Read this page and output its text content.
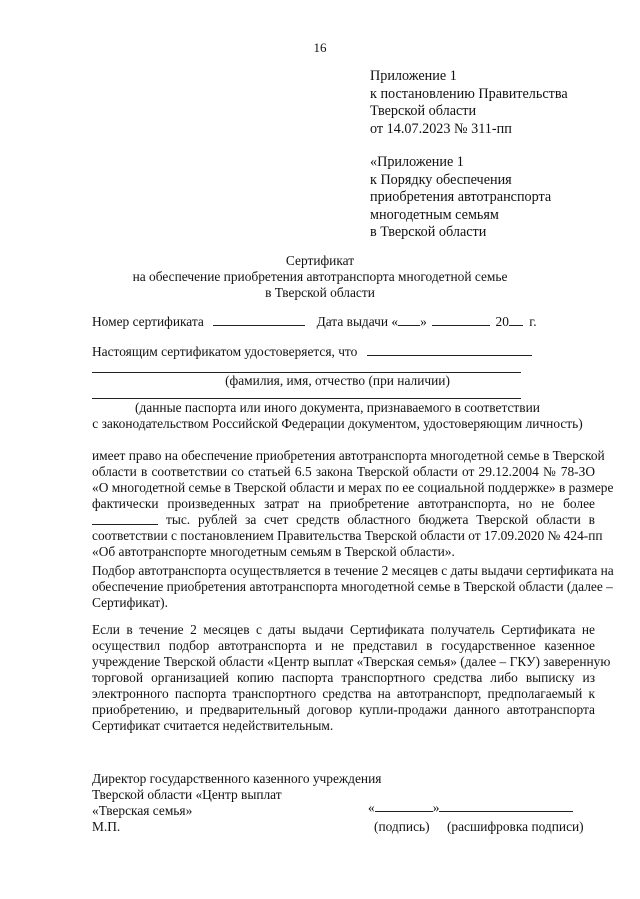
16
Приложение 1
к постановлению Правительства
Тверской области
от 14.07.2023 № 311-пп
«Приложение 1
к Порядку обеспечения
приобретения автотранспорта
многодетным семьям
в Тверской области
Сертификат
на обеспечение приобретения автотранспорта многодетной семье
в Тверской области
Номер сертификата	Дата выдачи « »	20 г.
Настоящим сертификатом удостоверяется, что
(фамилия, имя, отчество (при наличии)
(данные паспорта или иного документа, признаваемого в соответствии
с законодательством Российской Федерации документом, удостоверяющим личность)
имеет право на обеспечение приобретения автотранспорта многодетной семье в Тверской
области в соответствии со статьей 6.5 закона Тверской области от 29.12.2004 № 78-ЗО
«О многодетной семье в Тверской области и мерах по ее социальной поддержке» в размере
фактически произведенных затрат на приобретение автотранспорта, но не более
тыс. рублей за счет средств областного бюджета Тверской области в
соответствии с постановлением Правительства Тверской области от 17.09.2020 № 424-пп
«Об автотранспорте многодетным семьям в Тверской области».
Подбор автотранспорта осуществляется в течение 2 месяцев с даты выдачи сертификата на
обеспечение приобретения автотранспорта многодетной семье в Тверской области (далее –
Сертификат).
Если в течение 2 месяцев с даты выдачи Сертификата получатель Сертификата не
осуществил подбор автотранспорта и не представил в государственное казенное
учреждение Тверской области «Центр выплат «Тверская семья» (далее – ГКУ) заверенную
торговой организацией копию паспорта транспортного средства либо выписку из
электронного паспорта транспортного средства на автотранспорт, предполагаемый к
приобретению, и предварительный договор купли-продажи данного автотранспорта
Сертификат считается недействительным.
Директор государственного казенного учреждения
Тверской области «Центр выплат
«Тверская семья»
М.П.
«	»
(подпись) (расшифровка подписи)
